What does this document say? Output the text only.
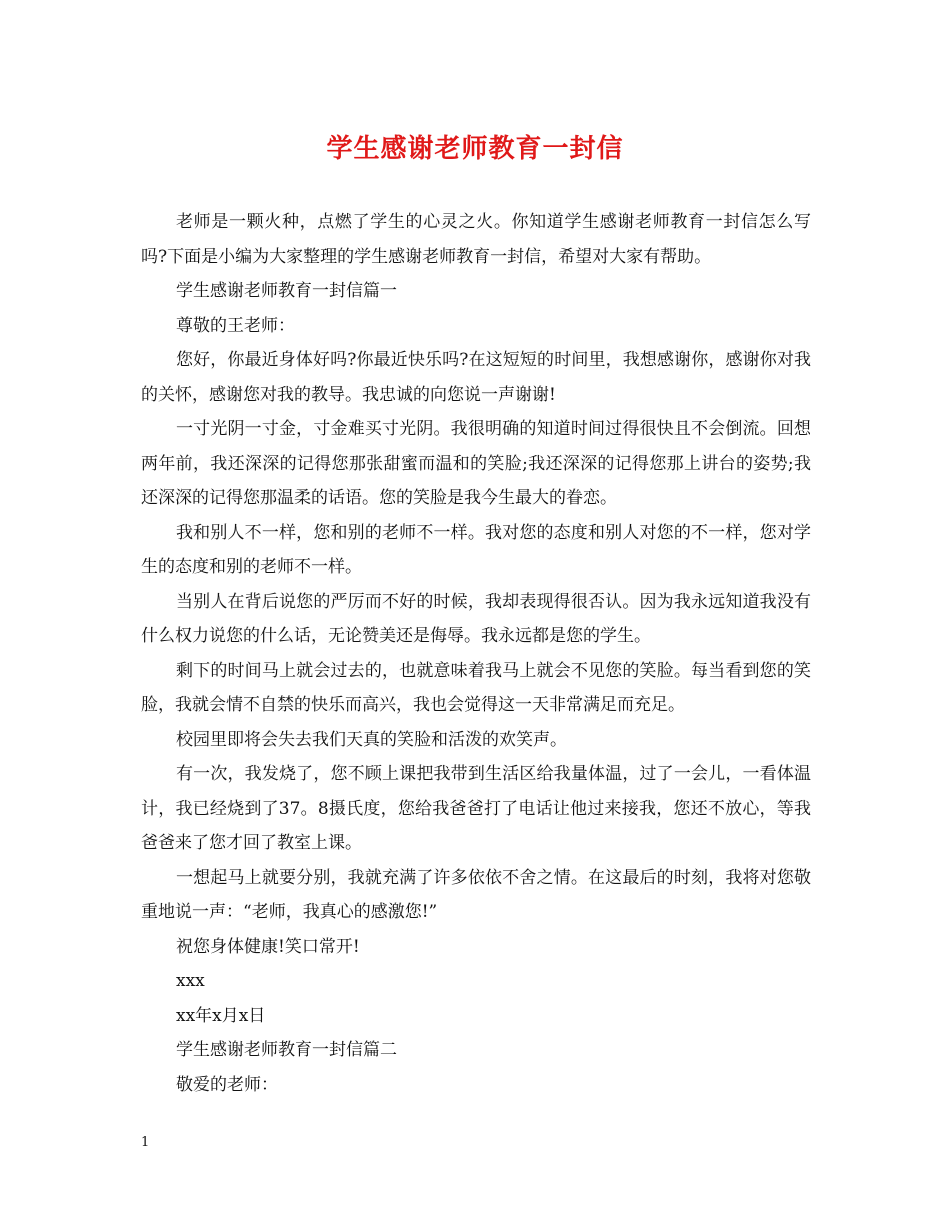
学生感谢老师教育一封信

老师是一颗火种，点燃了学生的心灵之火。你知道学生感谢老师教育一封信怎么写吗?下面是小编为大家整理的学生感谢老师教育一封信，希望对大家有帮助。

学生感谢老师教育一封信篇一

尊敬的王老师：

您好，你最近身体好吗?你最近快乐吗?在这短短的时间里，我想感谢你，感谢你对我的关怀，感谢您对我的教导。我忠诚的向您说一声谢谢!

一寸光阴一寸金，寸金难买寸光阴。我很明确的知道时间过得很快且不会倒流。回想两年前，我还深深的记得您那张甜蜜而温和的笑脸;我还深深的记得您那上讲台的姿势;我还深深的记得您那温柔的话语。您的笑脸是我今生最大的眷恋。

我和别人不一样，您和别的老师不一样。我对您的态度和别人对您的不一样，您对学生的态度和别的老师不一样。

当别人在背后说您的严厉而不好的时候，我却表现得很否认。因为我永远知道我没有什么权力说您的什么话，无论赞美还是侮辱。我永远都是您的学生。

剩下的时间马上就会过去的，也就意味着我马上就会不见您的笑脸。每当看到您的笑脸，我就会情不自禁的快乐而高兴，我也会觉得这一天非常满足而充足。

校园里即将会失去我们天真的笑脸和活泼的欢笑声。

有一次，我发烧了，您不顾上课把我带到生活区给我量体温，过了一会儿，一看体温计，我已经烧到了37。8摄氏度，您给我爸爸打了电话让他过来接我，您还不放心，等我爸爸来了您才回了教室上课。

一想起马上就要分别，我就充满了许多依依不舍之情。在这最后的时刻，我将对您敬重地说一声：“老师，我真心的感激您!”

祝您身体健康!笑口常开!

xxx

xx年x月x日

学生感谢老师教育一封信篇二

敬爱的老师：

1
